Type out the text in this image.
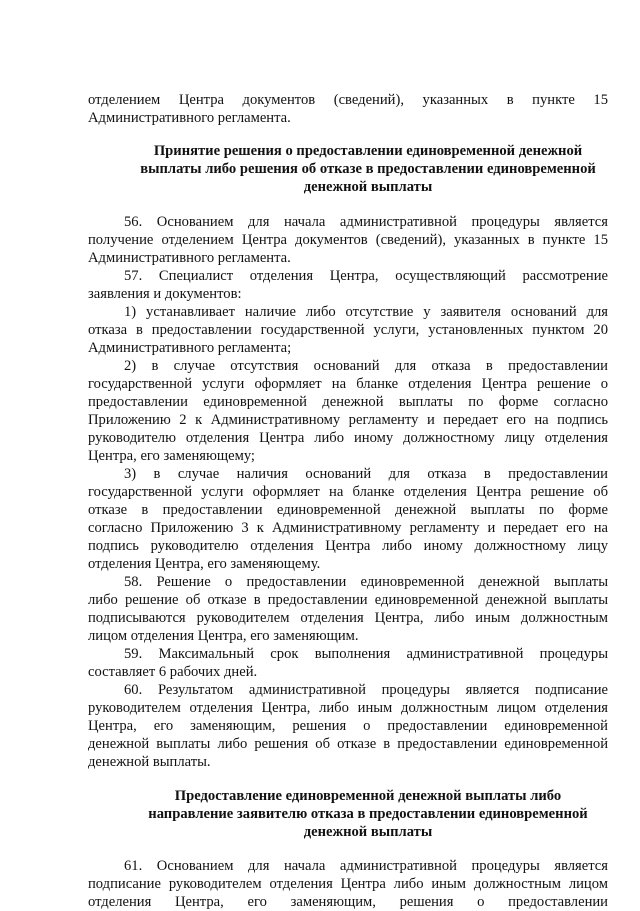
отделением Центра документов (сведений), указанных в пункте 15
Административного регламента.
Принятие решения о предоставлении единовременной денежной
выплаты либо решения об отказе в предоставлении единовременной
денежной выплаты
56. Основанием для начала административной процедуры является
получение отделением Центра документов (сведений), указанных в пункте 15
Административного регламента.
57. Специалист отделения Центра, осуществляющий рассмотрение
заявления и документов:
1) устанавливает наличие либо отсутствие у заявителя оснований для
отказа в предоставлении государственной услуги, установленных пунктом 20
Административного регламента;
2) в случае отсутствия оснований для отказа в предоставлении
государственной услуги оформляет на бланке отделения Центра решение о
предоставлении единовременной денежной выплаты по форме согласно
Приложению 2 к Административному регламенту и передает его на подпись
руководителю отделения Центра либо иному должностному лицу отделения
Центра, его заменяющему;
3) в случае наличия оснований для отказа в предоставлении
государственной услуги оформляет на бланке отделения Центра решение об
отказе в предоставлении единовременной денежной выплаты по форме
согласно Приложению 3 к Административному регламенту и передает его на
подпись руководителю отделения Центра либо иному должностному лицу
отделения Центра, его заменяющему.
58. Решение о предоставлении единовременной денежной выплаты
либо решение об отказе в предоставлении единовременной денежной выплаты
подписываются руководителем отделения Центра, либо иным должностным
лицом отделения Центра, его заменяющим.
59. Максимальный срок выполнения административной процедуры
составляет 6 рабочих дней.
60. Результатом административной процедуры является подписание
руководителем отделения Центра, либо иным должностным лицом отделения
Центра, его заменяющим, решения о предоставлении единовременной
денежной выплаты либо решения об отказе в предоставлении единовременной
денежной выплаты.
Предоставление единовременной денежной выплаты либо
направление заявителю отказа в предоставлении единовременной
денежной выплаты
61. Основанием для начала административной процедуры является
подписание руководителем отделения Центра либо иным должностным лицом
отделения Центра, его заменяющим, решения о предоставлении
